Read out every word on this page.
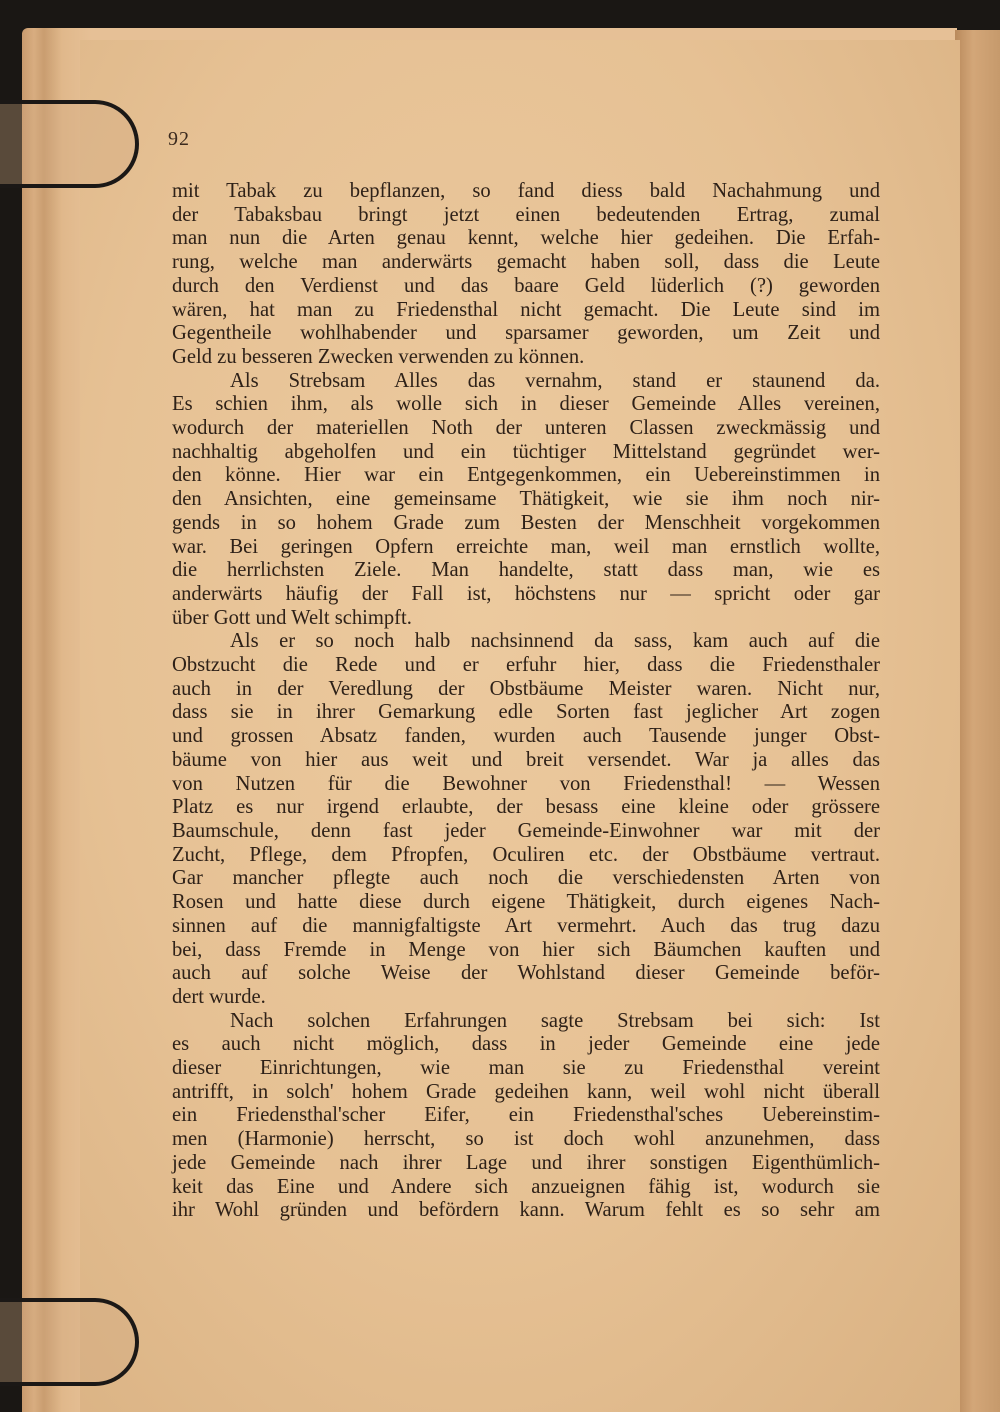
92
mit Tabak zu bepflanzen, so fand diess bald Nachahmung und
der Tabaksbau bringt jetzt einen bedeutenden Ertrag, zumal
man nun die Arten genau kennt, welche hier gedeihen. Die Erfah-
rung, welche man anderwärts gemacht haben soll, dass die Leute
durch den Verdienst und das baare Geld lüderlich (?) geworden
wären, hat man zu Friedensthal nicht gemacht. Die Leute sind im
Gegentheile wohlhabender und sparsamer geworden, um Zeit und
Geld zu besseren Zwecken verwenden zu können.
Als Strebsam Alles das vernahm, stand er staunend da.
Es schien ihm, als wolle sich in dieser Gemeinde Alles vereinen,
wodurch der materiellen Noth der unteren Classen zweckmässig und
nachhaltig abgeholfen und ein tüchtiger Mittelstand gegründet wer-
den könne. Hier war ein Entgegenkommen, ein Uebereinstimmen in
den Ansichten, eine gemeinsame Thätigkeit, wie sie ihm noch nir-
gends in so hohem Grade zum Besten der Menschheit vorgekommen
war. Bei geringen Opfern erreichte man, weil man ernstlich wollte,
die herrlichsten Ziele. Man handelte, statt dass man, wie es
anderwärts häufig der Fall ist, höchstens nur — spricht oder gar
über Gott und Welt schimpft.
Als er so noch halb nachsinnend da sass, kam auch auf die
Obstzucht die Rede und er erfuhr hier, dass die Friedensthaler
auch in der Veredlung der Obstbäume Meister waren. Nicht nur,
dass sie in ihrer Gemarkung edle Sorten fast jeglicher Art zogen
und grossen Absatz fanden, wurden auch Tausende junger Obst-
bäume von hier aus weit und breit versendet. War ja alles das
von Nutzen für die Bewohner von Friedensthal! — Wessen
Platz es nur irgend erlaubte, der besass eine kleine oder grössere
Baumschule, denn fast jeder Gemeinde-Einwohner war mit der
Zucht, Pflege, dem Pfropfen, Oculiren etc. der Obstbäume vertraut.
Gar mancher pflegte auch noch die verschiedensten Arten von
Rosen und hatte diese durch eigene Thätigkeit, durch eigenes Nach-
sinnen auf die mannigfaltigste Art vermehrt. Auch das trug dazu
bei, dass Fremde in Menge von hier sich Bäumchen kauften und
auch auf solche Weise der Wohlstand dieser Gemeinde beför-
dert wurde.
Nach solchen Erfahrungen sagte Strebsam bei sich: Ist
es auch nicht möglich, dass in jeder Gemeinde eine jede
dieser Einrichtungen, wie man sie zu Friedensthal vereint
antrifft, in solch' hohem Grade gedeihen kann, weil wohl nicht überall
ein Friedensthal'scher Eifer, ein Friedensthal'sches Uebereinstim-
men (Harmonie) herrscht, so ist doch wohl anzunehmen, dass
jede Gemeinde nach ihrer Lage und ihrer sonstigen Eigenthümlich-
keit das Eine und Andere sich anzueignen fähig ist, wodurch sie
ihr Wohl gründen und befördern kann. Warum fehlt es so sehr am
